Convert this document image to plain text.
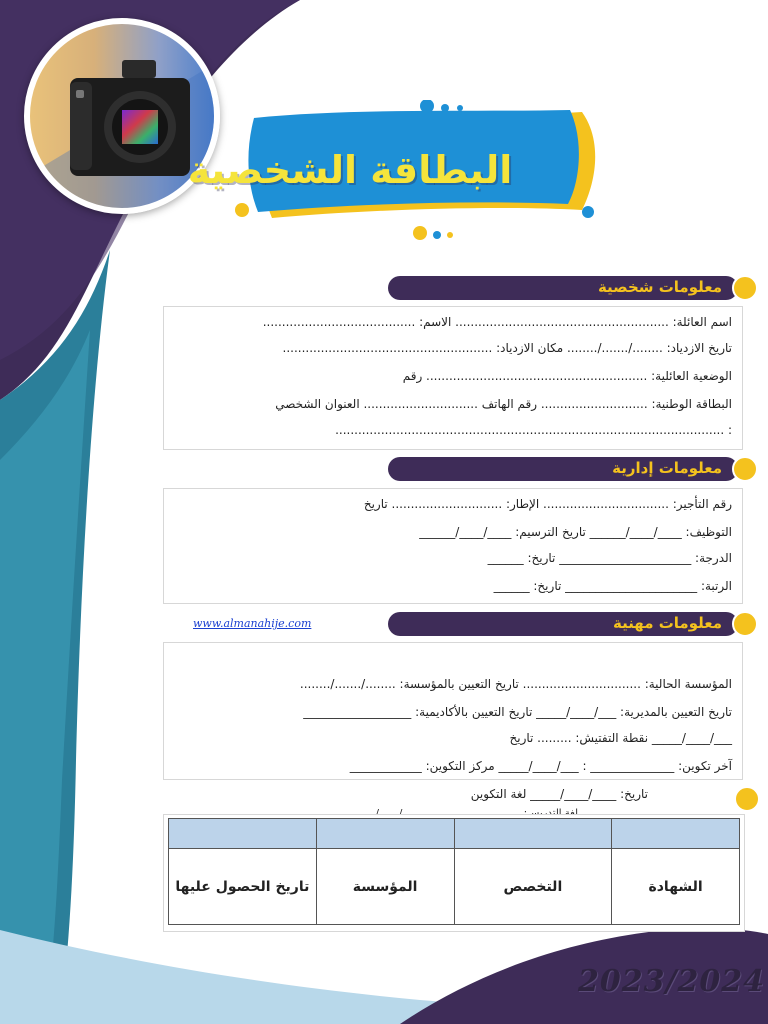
البطاقة الشخصية
معلومات شخصية
اسم العائلة: ........................................................ الاسم: ........................................
تاريخ الازدياد: ......../......./........ مكان الازدياد: .......................................................
الوضعية العائلية: .......................................................... رقم
البطاقة الوطنية: ............................ رقم الهاتف .............................. العنوان الشخصي
: ......................................................................................................
معلومات إدارية
رقم التأجير: ................................. الإطار: ............................. تاريخ
التوظيف: ____/____/______ تاريخ الترسيم: ____/____/______
الدرجة: ______________________ تاريخ: ______
الرتبة: ______________________ تاريخ: ______
www.almanahije.com	معلومات مهنية
المؤسسة الحالية: ............................... تاريخ التعيين بالمؤسسة: ......../......./........
تاريخ التعيين بالمديرية: ___/____/_____ تاريخ التعيين بالأكاديمية: __________________
___/____/_____ نقطة التفتيش: ......... تاريخ
آخر تكوين: ______________ : ___/____/_____ مركز التكوين: ____________
تاريخ: ____/____/_____ لغة التكوين

الشهادة	التخصص	المؤسسة	تاريخ الحصول عليها
2023/2024
